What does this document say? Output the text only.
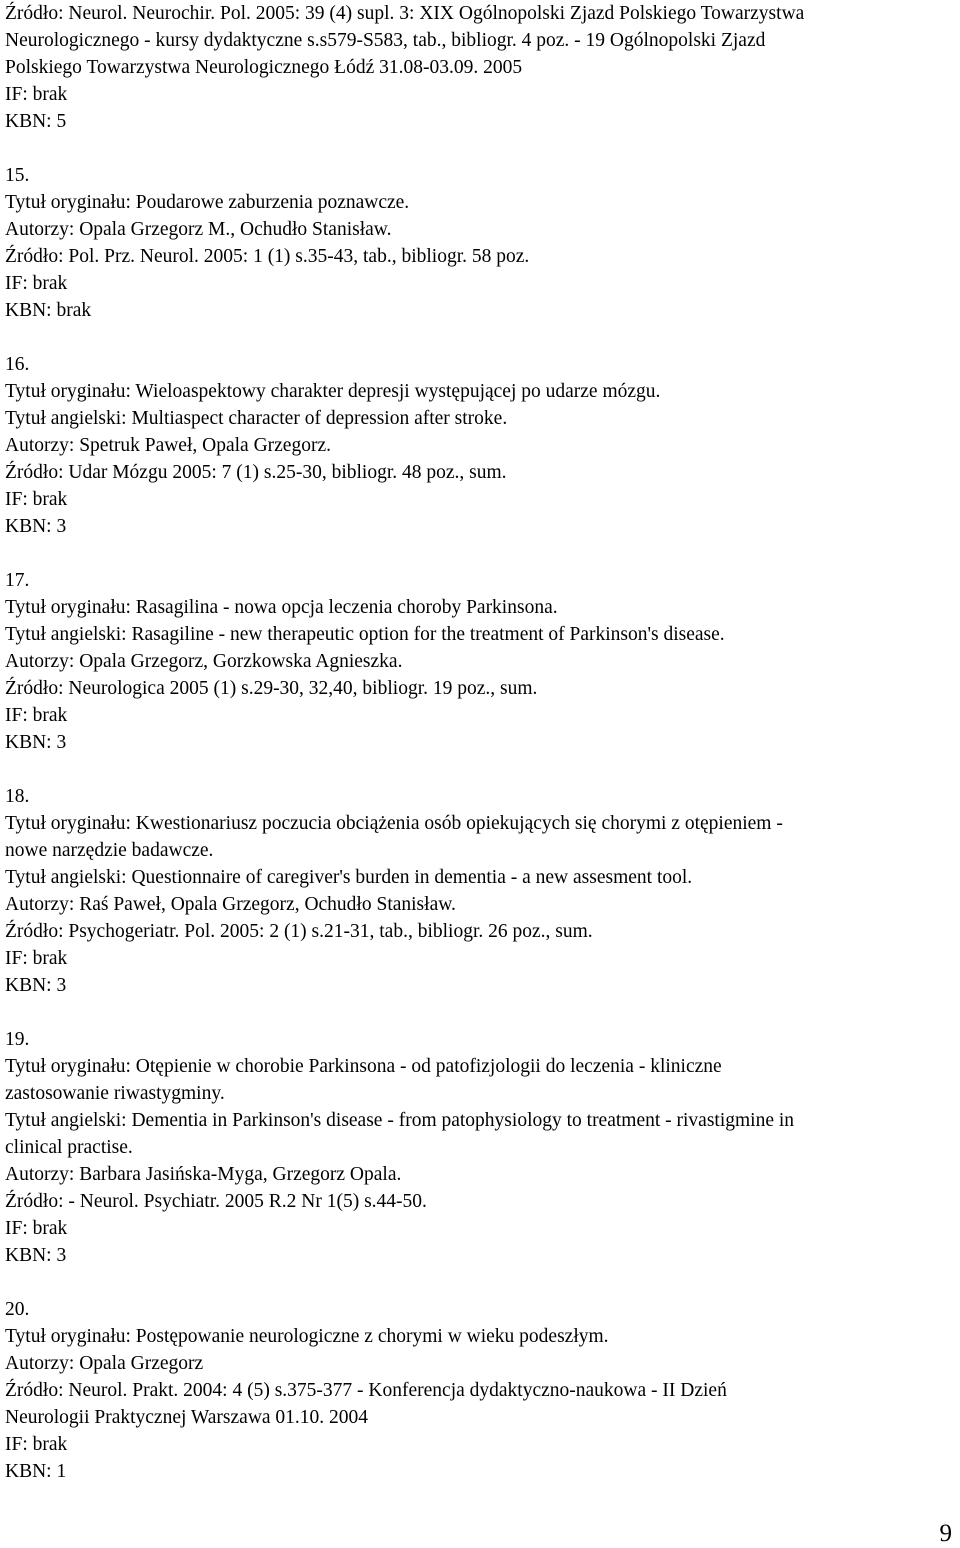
Źródło: Neurol. Neurochir. Pol. 2005: 39 (4) supl. 3: XIX Ogólnopolski Zjazd Polskiego Towarzystwa
Neurologicznego - kursy dydaktyczne s.s579-S583, tab., bibliogr. 4 poz. - 19 Ogólnopolski Zjazd
Polskiego Towarzystwa Neurologicznego Łódź 31.08-03.09. 2005
IF: brak
KBN: 5
15.
Tytuł oryginału: Poudarowe zaburzenia poznawcze.
Autorzy: Opala Grzegorz M., Ochudło Stanisław.
Źródło: Pol. Prz. Neurol. 2005: 1 (1) s.35-43, tab., bibliogr. 58 poz.
IF: brak
KBN: brak
16.
Tytuł oryginału: Wieloaspektowy charakter depresji występującej po udarze mózgu.
Tytuł angielski: Multiaspect character of depression after stroke.
Autorzy: Spetruk Paweł, Opala Grzegorz.
Źródło: Udar Mózgu 2005: 7 (1) s.25-30, bibliogr. 48 poz., sum.
IF: brak
KBN: 3
17.
Tytuł oryginału: Rasagilina - nowa opcja leczenia choroby Parkinsona.
Tytuł angielski: Rasagiline - new therapeutic option for the treatment of Parkinson's disease.
Autorzy: Opala Grzegorz, Gorzkowska Agnieszka.
Źródło: Neurologica 2005 (1) s.29-30, 32,40, bibliogr. 19 poz., sum.
IF: brak
KBN: 3
18.
Tytuł oryginału: Kwestionariusz poczucia obciążenia osób opiekujących się chorymi z otępieniem -
nowe narzędzie badawcze.
Tytuł angielski: Questionnaire of caregiver's burden in dementia - a new assesment tool.
Autorzy: Raś Paweł, Opala Grzegorz, Ochudło Stanisław.
Źródło: Psychogeriatr. Pol. 2005: 2 (1) s.21-31, tab., bibliogr. 26 poz., sum.
IF: brak
KBN: 3
19.
Tytuł oryginału: Otępienie w chorobie Parkinsona - od patofizjologii do leczenia - kliniczne
zastosowanie riwastygminy.
Tytuł angielski: Dementia in Parkinson's disease - from patophysiology to treatment - rivastigmine in
clinical practise.
Autorzy: Barbara Jasińska-Myga, Grzegorz Opala.
Źródło: - Neurol. Psychiatr. 2005 R.2 Nr 1(5) s.44-50.
IF: brak
KBN: 3
20.
Tytuł oryginału: Postępowanie neurologiczne z chorymi w wieku podeszłym.
Autorzy: Opala Grzegorz
Źródło: Neurol. Prakt. 2004: 4 (5) s.375-377 - Konferencja dydaktyczno-naukowa - II Dzień
Neurologii Praktycznej Warszawa 01.10. 2004
IF: brak
KBN: 1
9
